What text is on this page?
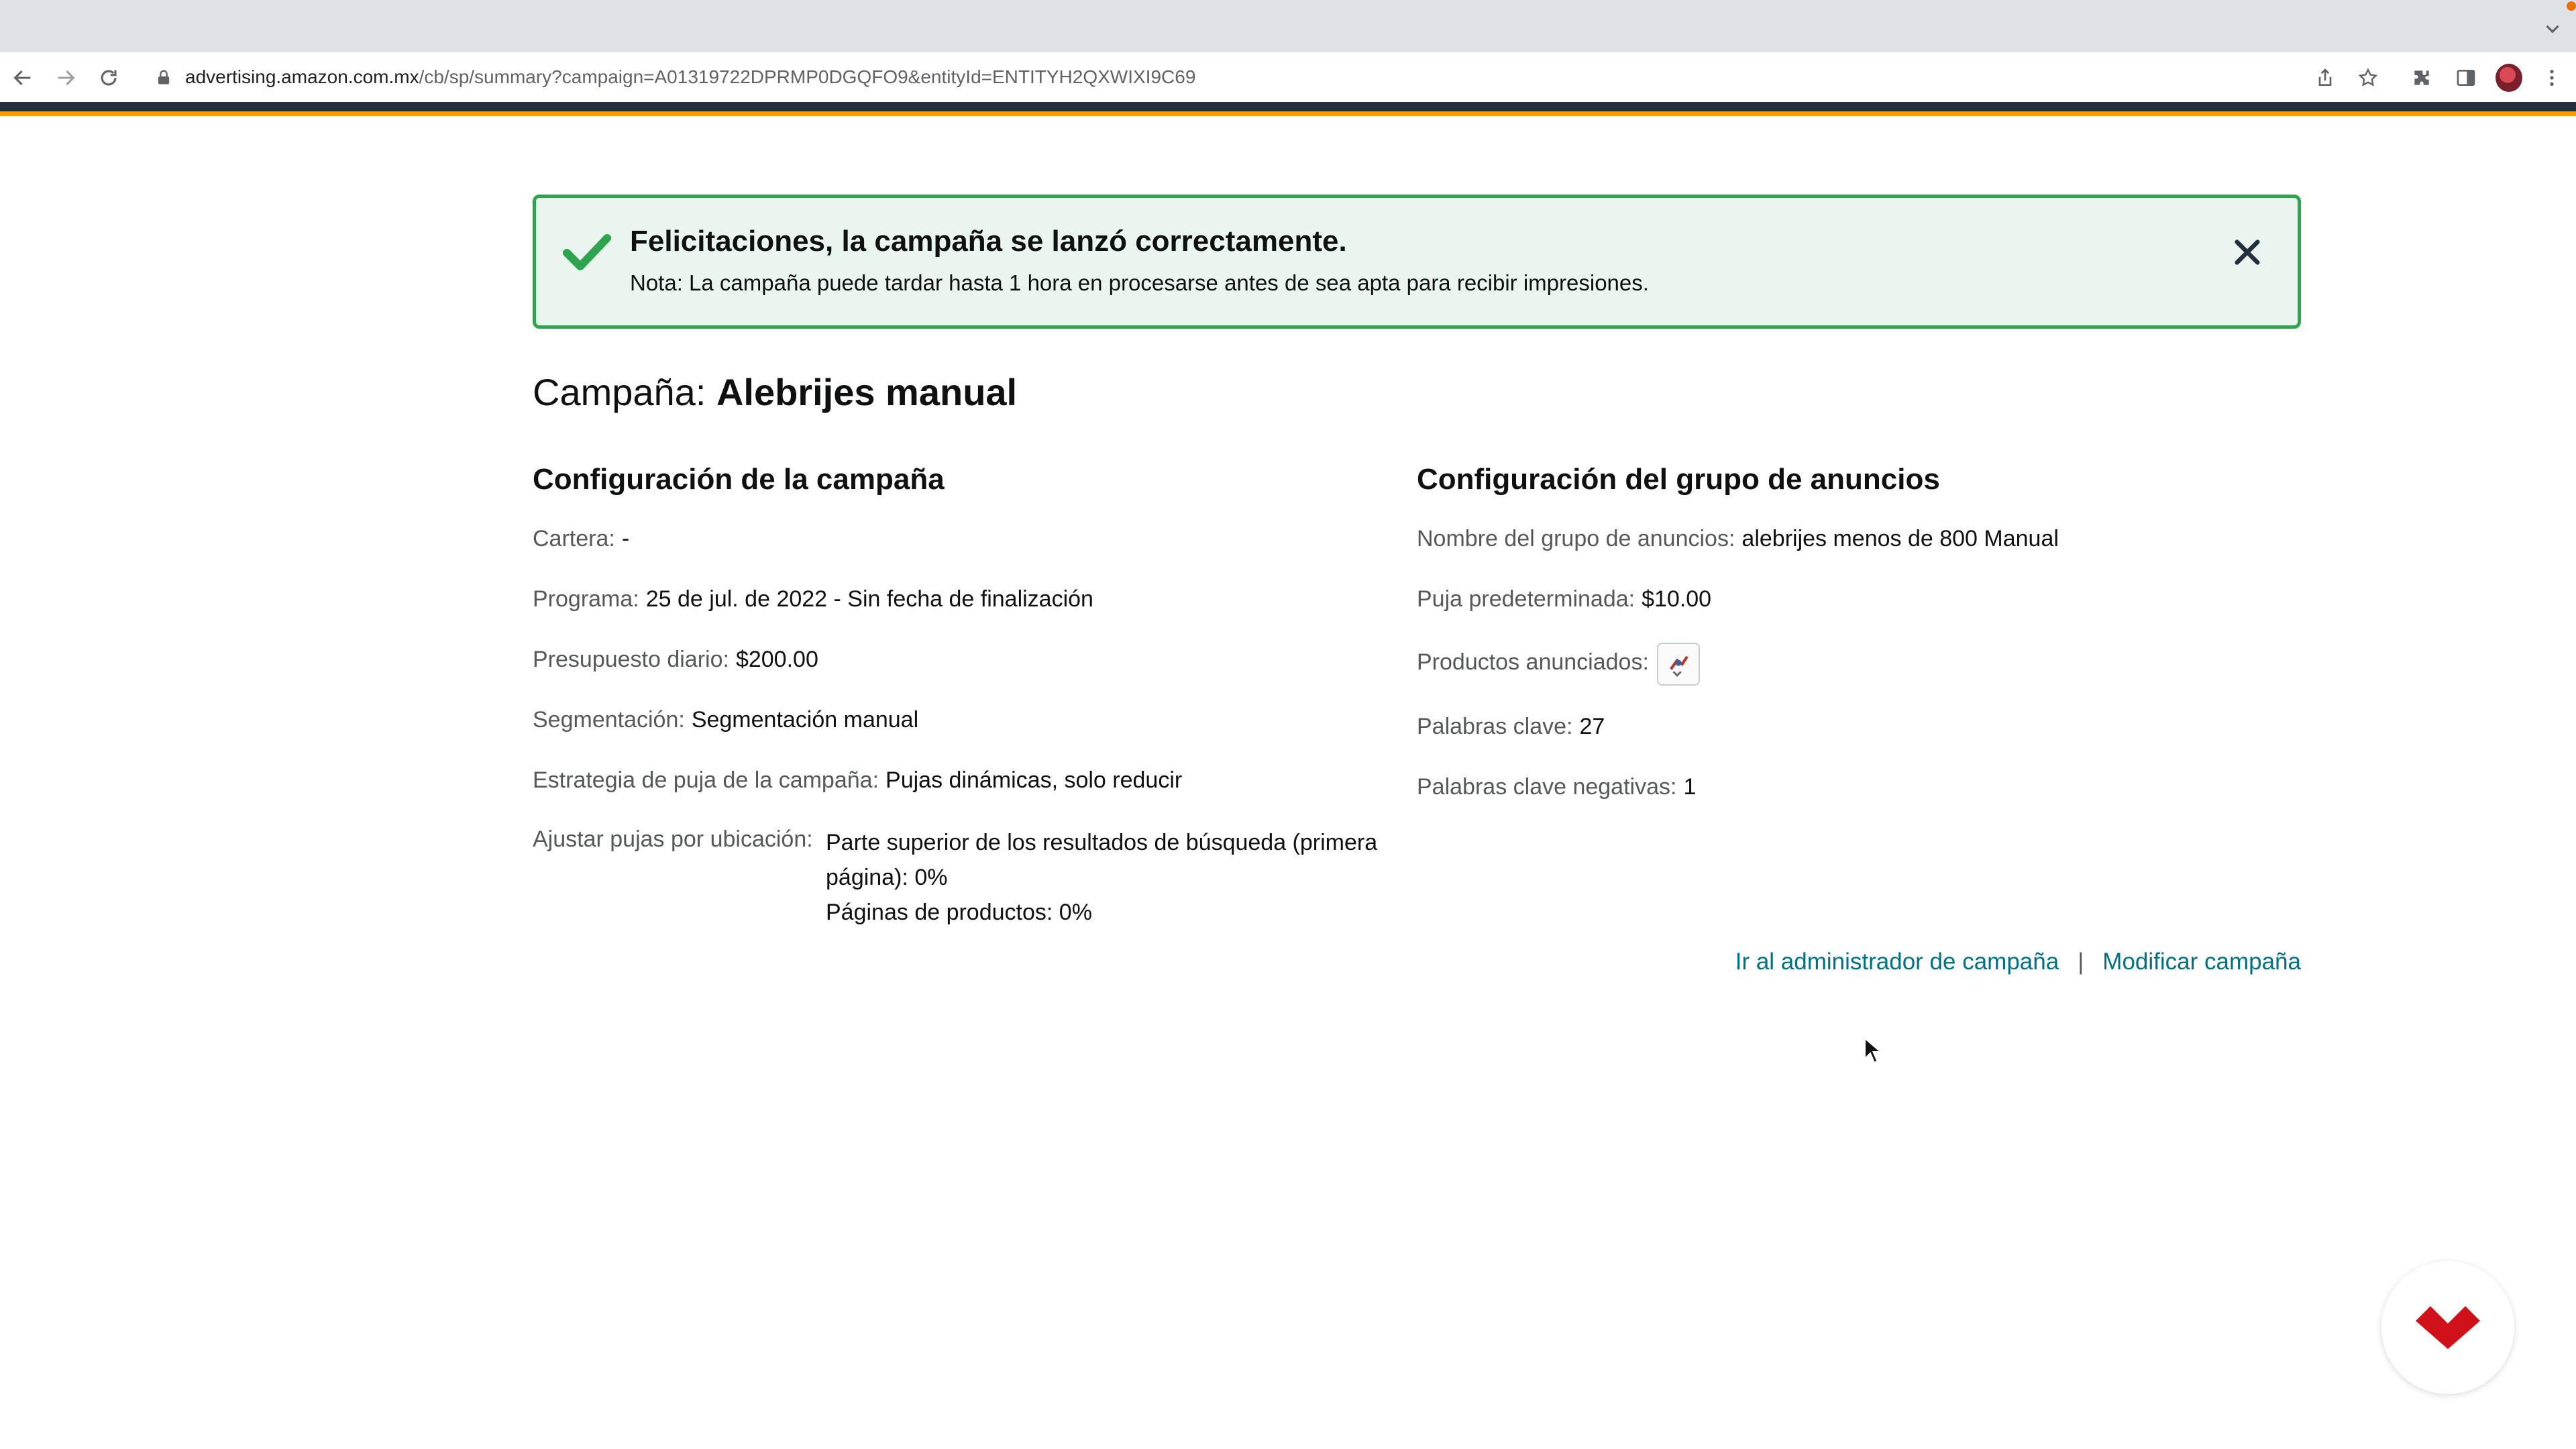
advertising.amazon.com.mx/cb/sp/summary?campaign=A01319722DPRMP0DGQFO9&entityId=ENTITYH2QXWIXI9C69
Felicitaciones, la campaña se lanzó correctamente.
Nota: La campaña puede tardar hasta 1 hora en procesarse antes de sea apta para recibir impresiones.
Campaña: Alebrijes manual
Configuración de la campaña
Cartera: -
Programa: 25 de jul. de 2022 - Sin fecha de finalización
Presupuesto diario: $200.00
Segmentación: Segmentación manual
Estrategia de puja de la campaña: Pujas dinámicas, solo reducir
Ajustar pujas por ubicación: Parte superior de los resultados de búsqueda (primera
página): 0%
Páginas de productos: 0%
Configuración del grupo de anuncios
Nombre del grupo de anuncios: alebrijes menos de 800 Manual
Puja predeterminada: $10.00
Productos anunciados:
Palabras clave: 27
Palabras clave negativas: 1
Ir al administrador de campaña | Modificar campaña
